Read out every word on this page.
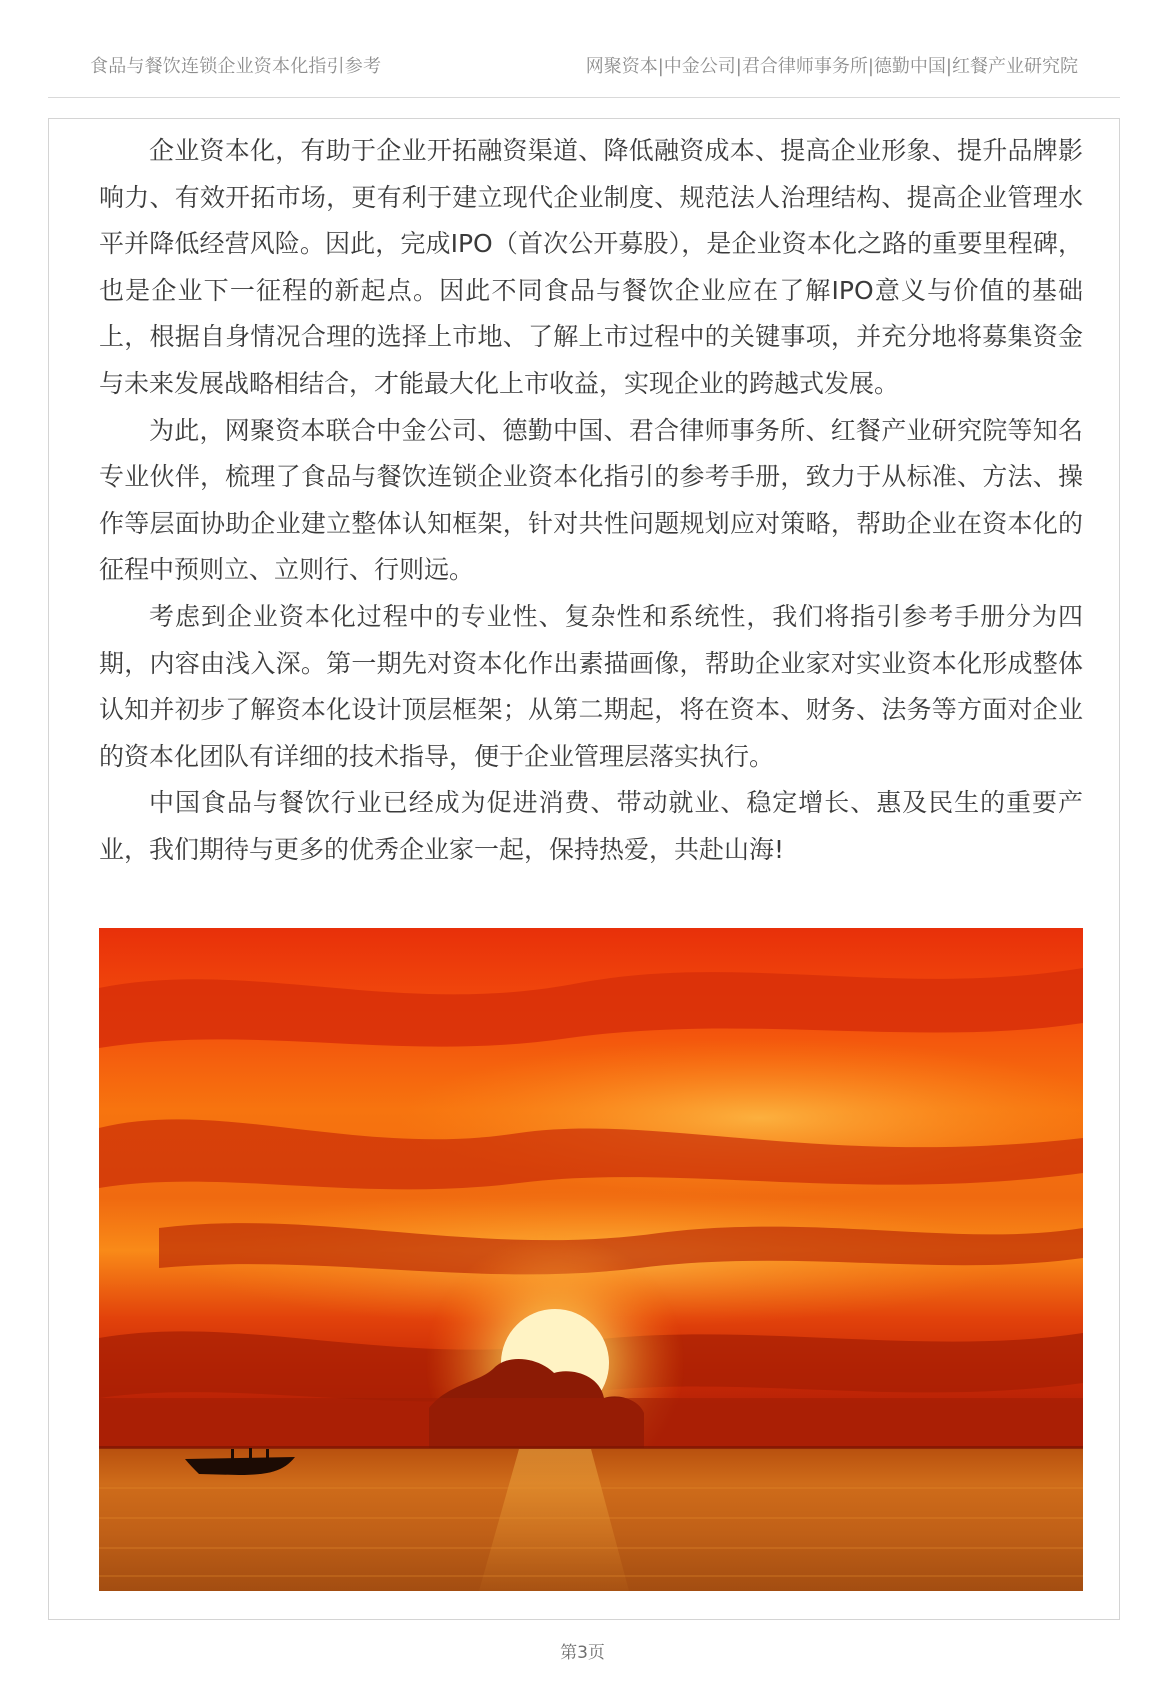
食品与餐饮连锁企业资本化指引参考	网聚资本|中金公司|君合律师事务所|德勤中国|红餐产业研究院

企业资本化，有助于企业开拓融资渠道、降低融资成本、提高企业形象、提升品牌影响力、有效开拓市场，更有利于建立现代企业制度、规范法人治理结构、提高企业管理水平并降低经营风险。因此，完成IPO（首次公开募股），是企业资本化之路的重要里程碑，也是企业下一征程的新起点。因此不同食品与餐饮企业应在了解IPO意义与价值的基础上，根据自身情况合理的选择上市地、了解上市过程中的关键事项，并充分地将募集资金与未来发展战略相结合，才能最大化上市收益，实现企业的跨越式发展。

为此，网聚资本联合中金公司、德勤中国、君合律师事务所、红餐产业研究院等知名专业伙伴，梳理了食品与餐饮连锁企业资本化指引的参考手册，致力于从标准、方法、操作等层面协助企业建立整体认知框架，针对共性问题规划应对策略，帮助企业在资本化的征程中预则立、立则行、行则远。

考虑到企业资本化过程中的专业性、复杂性和系统性，我们将指引参考手册分为四期，内容由浅入深。第一期先对资本化作出素描画像，帮助企业家对实业资本化形成整体认知并初步了解资本化设计顶层框架；从第二期起，将在资本、财务、法务等方面对企业的资本化团队有详细的技术指导，便于企业管理层落实执行。

中国食品与餐饮行业已经成为促进消费、带动就业、稳定增长、惠及民生的重要产业，我们期待与更多的优秀企业家一起，保持热爱，共赴山海!

第3页
